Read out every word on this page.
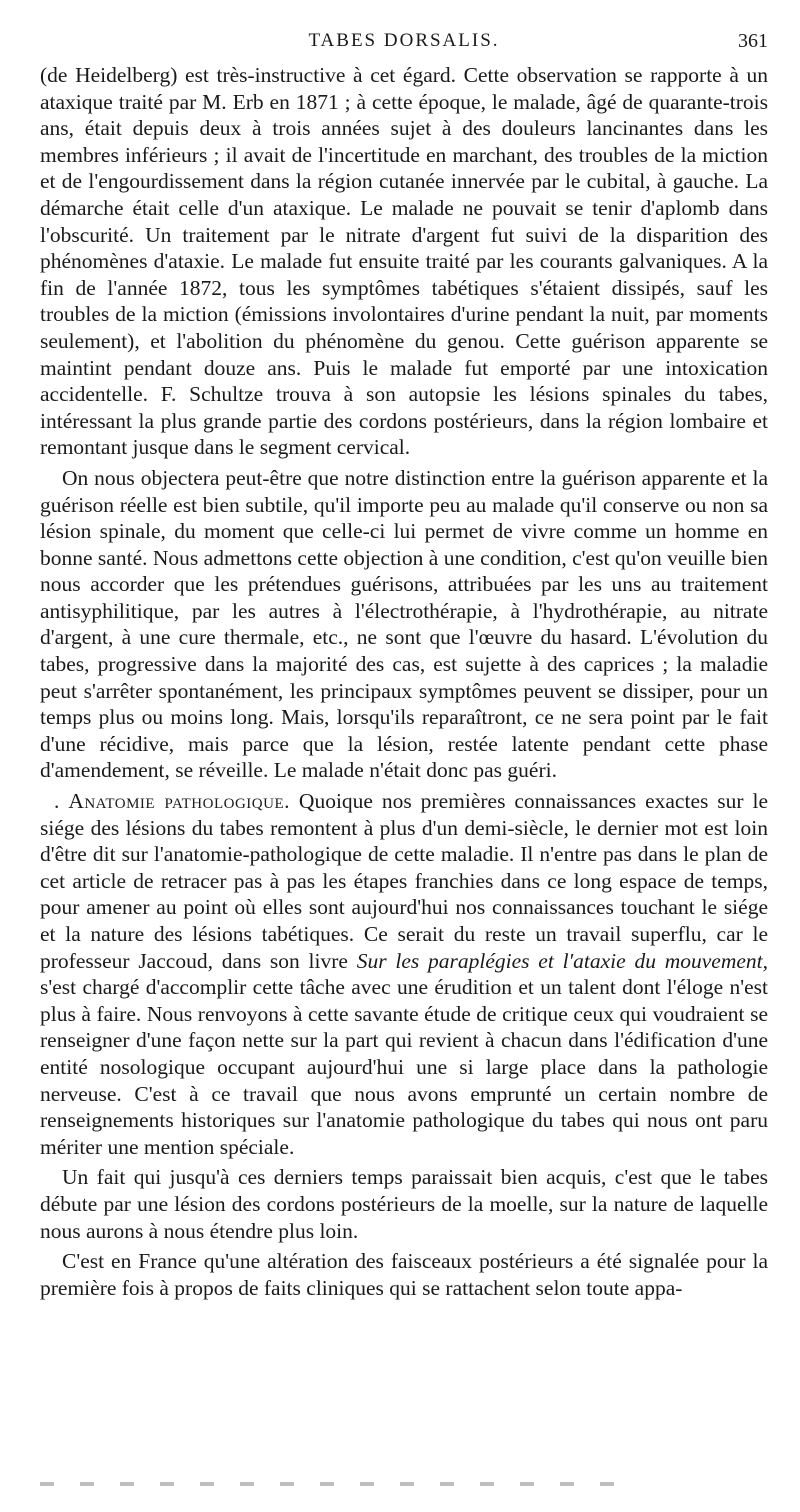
TABES DORSALIS.	361

(de Heidelberg) est très-instructive à cet égard. Cette observation se rapporte à un ataxique traité par M. Erb en 1871 ; à cette époque, le malade, âgé de quarante-trois ans, était depuis deux à trois années sujet à des douleurs lancinantes dans les membres inférieurs ; il avait de l'incertitude en marchant, des troubles de la miction et de l'engourdissement dans la région cutanée innervée par le cubital, à gauche. La démarche était celle d'un ataxique. Le malade ne pouvait se tenir d'aplomb dans l'obscurité. Un traitement par le nitrate d'argent fut suivi de la disparition des phénomènes d'ataxie. Le malade fut ensuite traité par les courants galvaniques. A la fin de l'année 1872, tous les symptômes tabétiques s'étaient dissipés, sauf les troubles de la miction (émissions involontaires d'urine pendant la nuit, par moments seulement), et l'abolition du phénomène du genou. Cette guérison apparente se maintint pendant douze ans. Puis le malade fut emporté par une intoxication accidentelle. F. Schultze trouva à son autopsie les lésions spinales du tabes, intéressant la plus grande partie des cordons postérieurs, dans la région lombaire et remontant jusque dans le segment cervical.

On nous objectera peut-être que notre distinction entre la guérison apparente et la guérison réelle est bien subtile, qu'il importe peu au malade qu'il conserve ou non sa lésion spinale, du moment que celle-ci lui permet de vivre comme un homme en bonne santé. Nous admettons cette objection à une condition, c'est qu'on veuille bien nous accorder que les prétendues guérisons, attribuées par les uns au traitement antisyphilitique, par les autres à l'électrothérapie, à l'hydrothérapie, au nitrate d'argent, à une cure thermale, etc., ne sont que l'œuvre du hasard. L'évolution du tabes, progressive dans la majorité des cas, est sujette à des caprices ; la maladie peut s'arrêter spontanément, les principaux symptômes peuvent se dissiper, pour un temps plus ou moins long. Mais, lorsqu'ils reparaîtront, ce ne sera point par le fait d'une récidive, mais parce que la lésion, restée latente pendant cette phase d'amendement, se réveille. Le malade n'était donc pas guéri.

. Anatomie pathologique. Quoique nos premières connaissances exactes sur le siége des lésions du tabes remontent à plus d'un demi-siècle, le dernier mot est loin d'être dit sur l'anatomie-pathologique de cette maladie. Il n'entre pas dans le plan de cet article de retracer pas à pas les étapes franchies dans ce long espace de temps, pour amener au point où elles sont aujourd'hui nos connaissances touchant le siége et la nature des lésions tabétiques. Ce serait du reste un travail superflu, car le professeur Jaccoud, dans son livre Sur les paraplégies et l'ataxie du mouvement, s'est chargé d'accomplir cette tâche avec une érudition et un talent dont l'éloge n'est plus à faire. Nous renvoyons à cette savante étude de critique ceux qui voudraient se renseigner d'une façon nette sur la part qui revient à chacun dans l'édification d'une entité nosologique occupant aujourd'hui une si large place dans la pathologie nerveuse. C'est à ce travail que nous avons emprunté un certain nombre de renseignements historiques sur l'anatomie pathologique du tabes qui nous ont paru mériter une mention spéciale.

Un fait qui jusqu'à ces derniers temps paraissait bien acquis, c'est que le tabes débute par une lésion des cordons postérieurs de la moelle, sur la nature de laquelle nous aurons à nous étendre plus loin.

C'est en France qu'une altération des faisceaux postérieurs a été signalée pour la première fois à propos de faits cliniques qui se rattachent selon toute appa-
